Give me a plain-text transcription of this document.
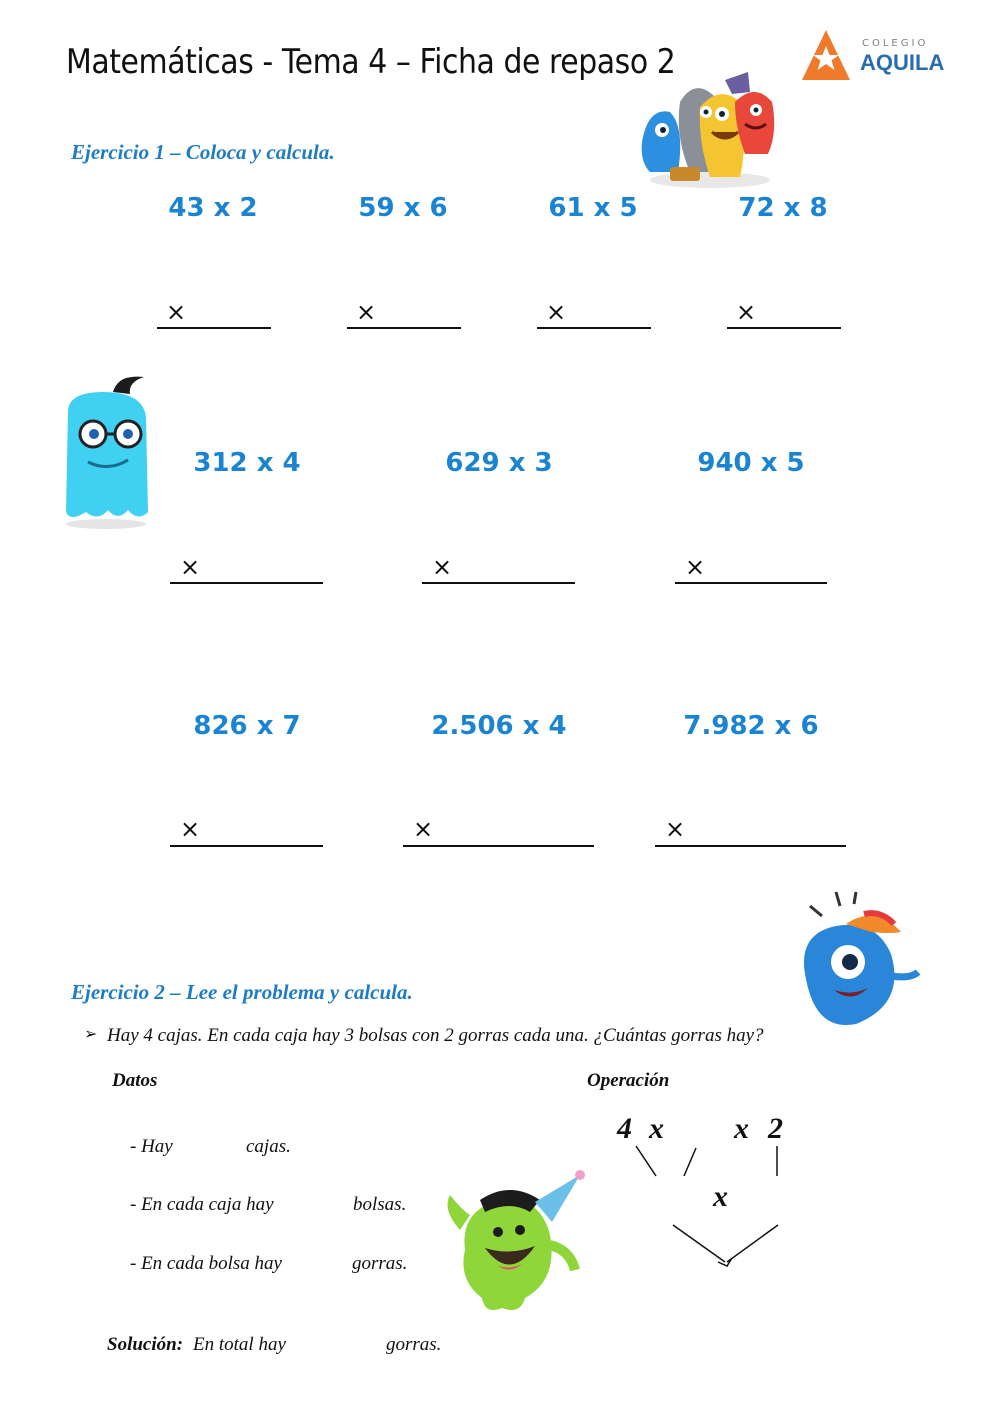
Matemáticas - Tema 4 – Ficha de repaso 2	COLEGIO
AQUILA
Ejercicio 1 – Coloca y calcula.
43 x 2	59 x 6	61 x 5	72 x 8
×	×	×	×
312 x 4	629 x 3	940 x 5
×	×	×
826 x 7	2.506 x 4	7.982 x 6
×	×	×
Ejercicio 2 – Lee el problema y calcula.
➢ Hay 4 cajas. En cada caja hay 3 bolsas con 2 gorras cada una. ¿Cuántas gorras hay?
Datos	Operación
- Hay	cajas.
- En cada caja hay	bolsas.
- En cada bolsa hay	gorras.
4 x x 2
x
Solución: En total hay	gorras.
